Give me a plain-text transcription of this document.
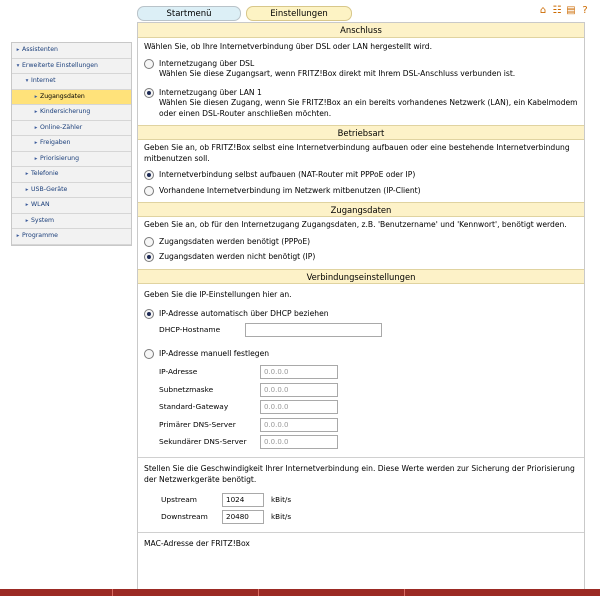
Startmenü	Einstellungen	⌂ ☷ ▤ ?
▸ Assistenten
▾ Erweiterte Einstellungen
▾ Internet
▸ Zugangsdaten
▸ Kindersicherung
▸ Online-Zähler
▸ Freigaben
▸ Priorisierung
▸ Telefonie
▸ USB-Geräte
▸ WLAN
▸ System
▸ Programme
Anschluss
Wählen Sie, ob Ihre Internetverbindung über DSL oder LAN hergestellt wird.
Internetzugang über DSL
Wählen Sie diese Zugangsart, wenn FRITZ!Box direkt mit Ihrem DSL-Anschluss verbunden ist.
Internetzugang über LAN 1
Wählen Sie diesen Zugang, wenn Sie FRITZ!Box an ein bereits vorhandenes Netzwerk (LAN), ein Kabelmodem oder einen DSL-Router anschließen möchten.
Betriebsart
Geben Sie an, ob FRITZ!Box selbst eine Internetverbindung aufbauen oder eine bestehende Internetverbindung mitbenutzen soll.
Internetverbindung selbst aufbauen (NAT-Router mit PPPoE oder IP)
Vorhandene Internetverbindung im Netzwerk mitbenutzen (IP-Client)
Zugangsdaten
Geben Sie an, ob für den Internetzugang Zugangsdaten, z.B. 'Benutzername' und 'Kennwort', benötigt werden.
Zugangsdaten werden benötigt (PPPoE)
Zugangsdaten werden nicht benötigt (IP)
Verbindungseinstellungen
Geben Sie die IP-Einstellungen hier an.
IP-Adresse automatisch über DHCP beziehen
DHCP-Hostname
IP-Adresse manuell festlegen
IP-Adresse	0.0.0.0
Subnetzmaske	0.0.0.0
Standard-Gateway	0.0.0.0
Primärer DNS-Server	0.0.0.0
Sekundärer DNS-Server	0.0.0.0
Stellen Sie die Geschwindigkeit Ihrer Internetverbindung ein. Diese Werte werden zur Sicherung der Priorisierung der Netzwerkgeräte benötigt.
Upstream	1024	kBit/s
Downstream	20480	kBit/s
MAC-Adresse der FRITZ!Box
